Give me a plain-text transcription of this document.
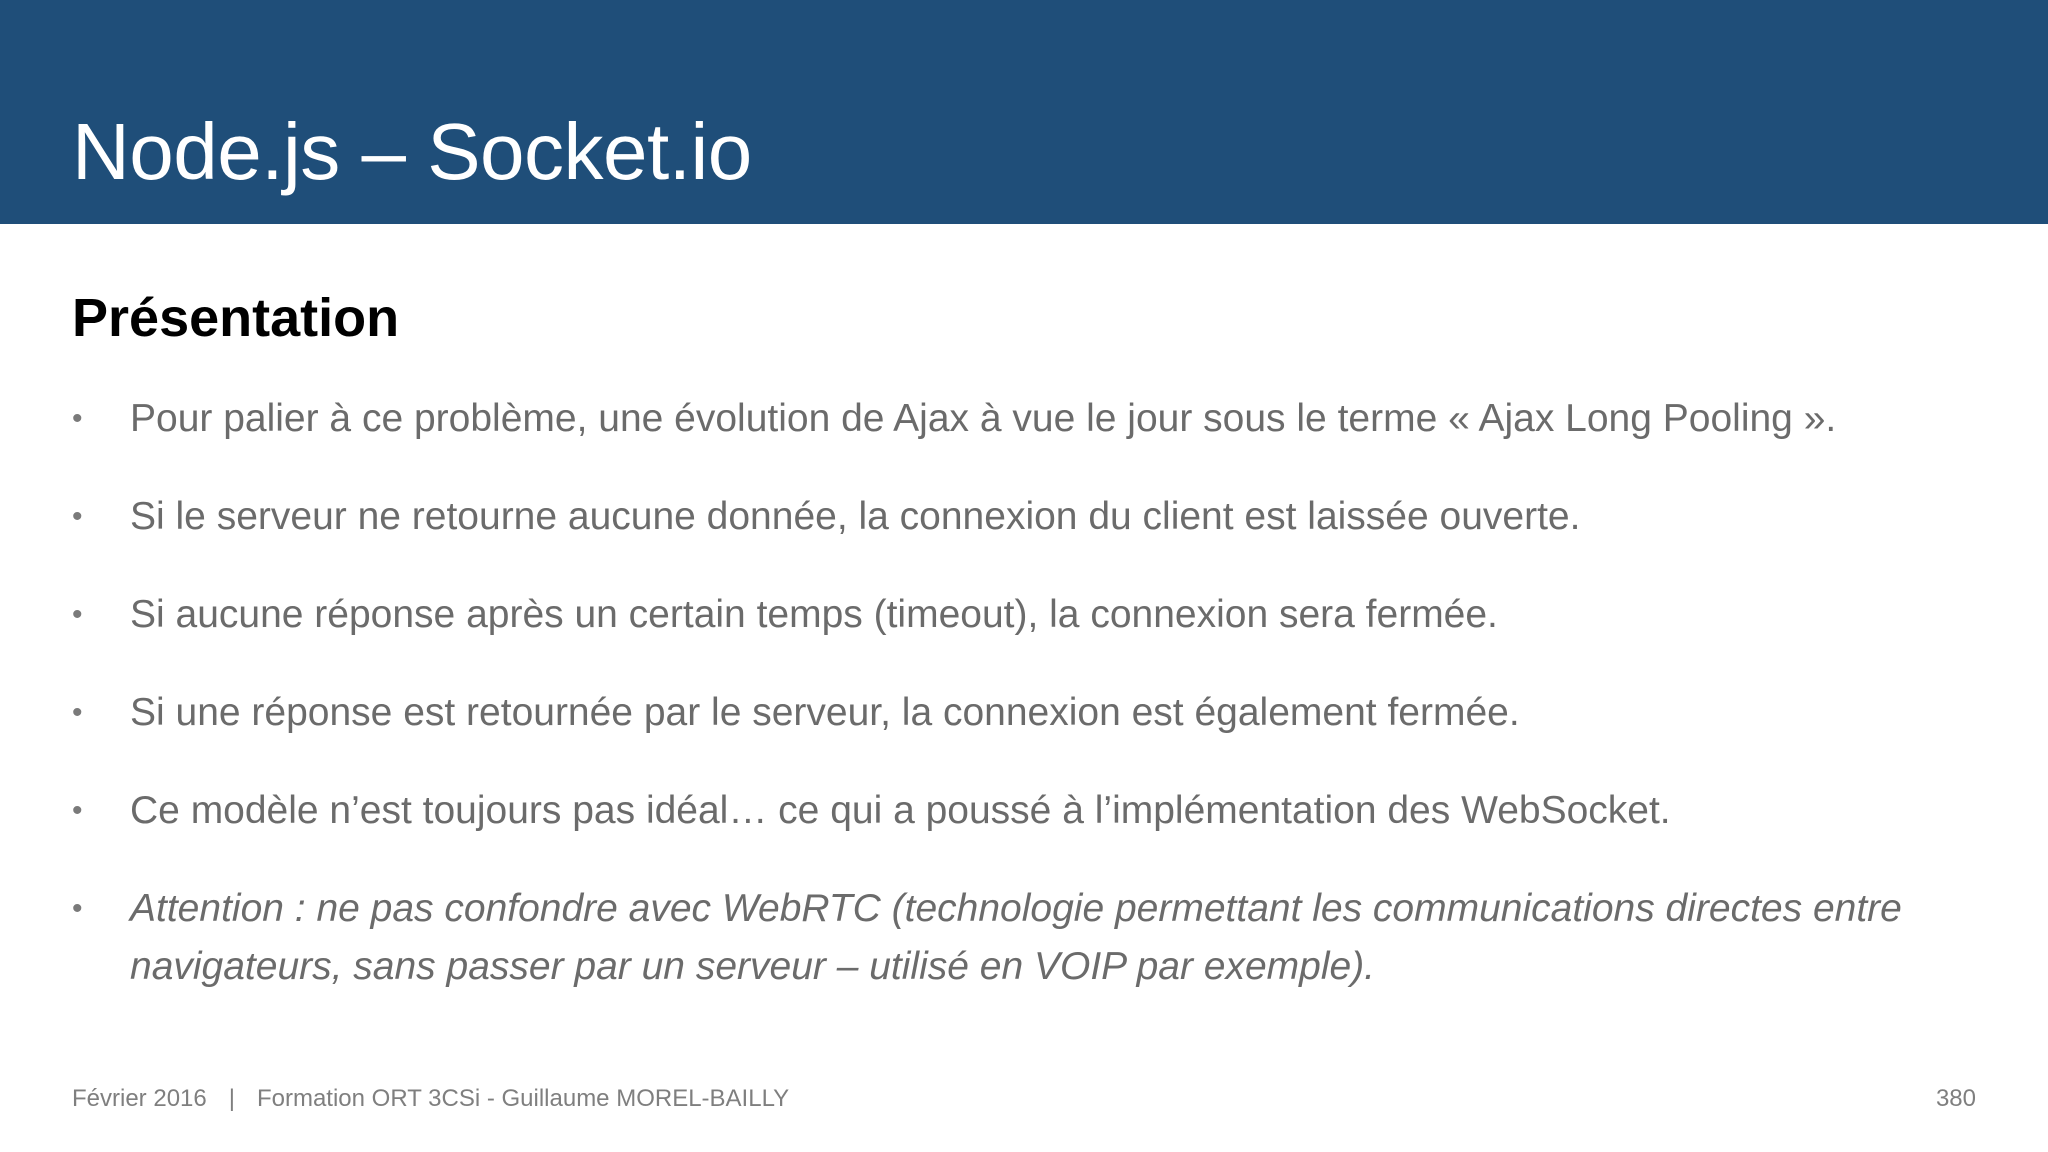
Node.js – Socket.io
Présentation
• Pour palier à ce problème, une évolution de Ajax à vue le jour sous le terme « Ajax Long Pooling ».
• Si le serveur ne retourne aucune donnée, la connexion du client est laissée ouverte.
• Si aucune réponse après un certain temps (timeout), la connexion sera fermée.
• Si une réponse est retournée par le serveur, la connexion est également fermée.
• Ce modèle n’est toujours pas idéal… ce qui a poussé à l’implémentation des WebSocket.
• Attention : ne pas confondre avec WebRTC (technologie permettant les communications directes entre navigateurs, sans passer par un serveur – utilisé en VOIP par exemple).
Février 2016 | Formation ORT 3CSi - Guillaume MOREL-BAILLY	380
